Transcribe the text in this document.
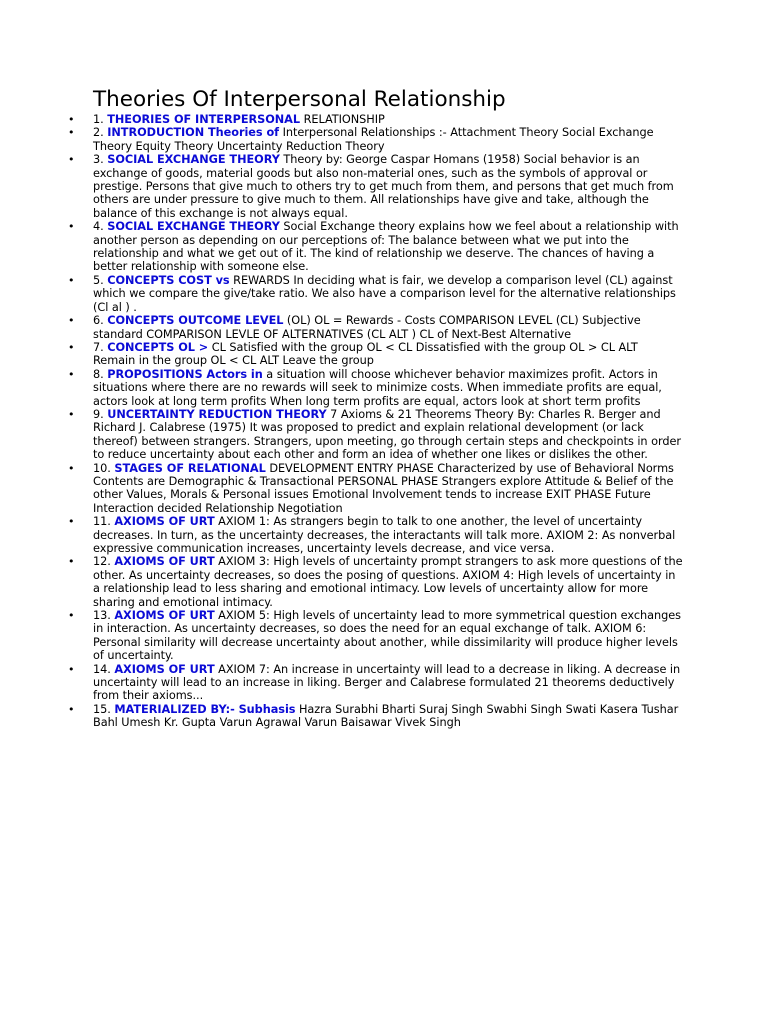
Theories Of Interpersonal Relationship
• 1. THEORIES OF INTERPERSONAL RELATIONSHIP
• 2. INTRODUCTION Theories of Interpersonal Relationships :- Attachment Theory Social Exchange Theory Equity Theory Uncertainty Reduction Theory
• 3. SOCIAL EXCHANGE THEORY Theory by: George Caspar Homans (1958) Social behavior is an exchange of goods, material goods but also non-material ones, such as the symbols of approval or prestige. Persons that give much to others try to get much from them, and persons that get much from others are under pressure to give much to them. All relationships have give and take, although the balance of this exchange is not always equal.
• 4. SOCIAL EXCHANGE THEORY Social Exchange theory explains how we feel about a relationship with another person as depending on our perceptions of: The balance between what we put into the relationship and what we get out of it. The kind of relationship we deserve. The chances of having a better relationship with someone else.
• 5. CONCEPTS COST vs REWARDS In deciding what is fair, we develop a comparison level (CL) against which we compare the give/take ratio. We also have a comparison level for the alternative relationships (Cl al ) .
• 6. CONCEPTS OUTCOME LEVEL (OL) OL = Rewards - Costs COMPARISON LEVEL (CL) Subjective standard COMPARISON LEVLE OF ALTERNATIVES (CL ALT ) CL of Next-Best Alternative
• 7. CONCEPTS OL > CL Satisfied with the group OL < CL Dissatisfied with the group OL > CL ALT Remain in the group OL < CL ALT Leave the group
• 8. PROPOSITIONS Actors in a situation will choose whichever behavior maximizes profit. Actors in situations where there are no rewards will seek to minimize costs. When immediate profits are equal, actors look at long term profits When long term profits are equal, actors look at short term profits
• 9. UNCERTAINTY REDUCTION THEORY 7 Axioms & 21 Theorems Theory By: Charles R. Berger and Richard J. Calabrese (1975) It was proposed to predict and explain relational development (or lack thereof) between strangers. Strangers, upon meeting, go through certain steps and checkpoints in order to reduce uncertainty about each other and form an idea of whether one likes or dislikes the other.
• 10. STAGES OF RELATIONAL DEVELOPMENT ENTRY PHASE Characterized by use of Behavioral Norms Contents are Demographic & Transactional PERSONAL PHASE Strangers explore Attitude & Belief of the other Values, Morals & Personal issues Emotional Involvement tends to increase EXIT PHASE Future Interaction decided Relationship Negotiation
• 11. AXIOMS OF URT AXIOM 1: As strangers begin to talk to one another, the level of uncertainty decreases. In turn, as the uncertainty decreases, the interactants will talk more. AXIOM 2: As nonverbal expressive communication increases, uncertainty levels decrease, and vice versa.
• 12. AXIOMS OF URT AXIOM 3: High levels of uncertainty prompt strangers to ask more questions of the other. As uncertainty decreases, so does the posing of questions. AXIOM 4: High levels of uncertainty in a relationship lead to less sharing and emotional intimacy. Low levels of uncertainty allow for more sharing and emotional intimacy.
• 13. AXIOMS OF URT AXIOM 5: High levels of uncertainty lead to more symmetrical question exchanges in interaction. As uncertainty decreases, so does the need for an equal exchange of talk. AXIOM 6: Personal similarity will decrease uncertainty about another, while dissimilarity will produce higher levels of uncertainty.
• 14. AXIOMS OF URT AXIOM 7: An increase in uncertainty will lead to a decrease in liking. A decrease in uncertainty will lead to an increase in liking. Berger and Calabrese formulated 21 theorems deductively from their axioms...
• 15. MATERIALIZED BY:- Subhasis Hazra Surabhi Bharti Suraj Singh Swabhi Singh Swati Kasera Tushar Bahl Umesh Kr. Gupta Varun Agrawal Varun Baisawar Vivek Singh
